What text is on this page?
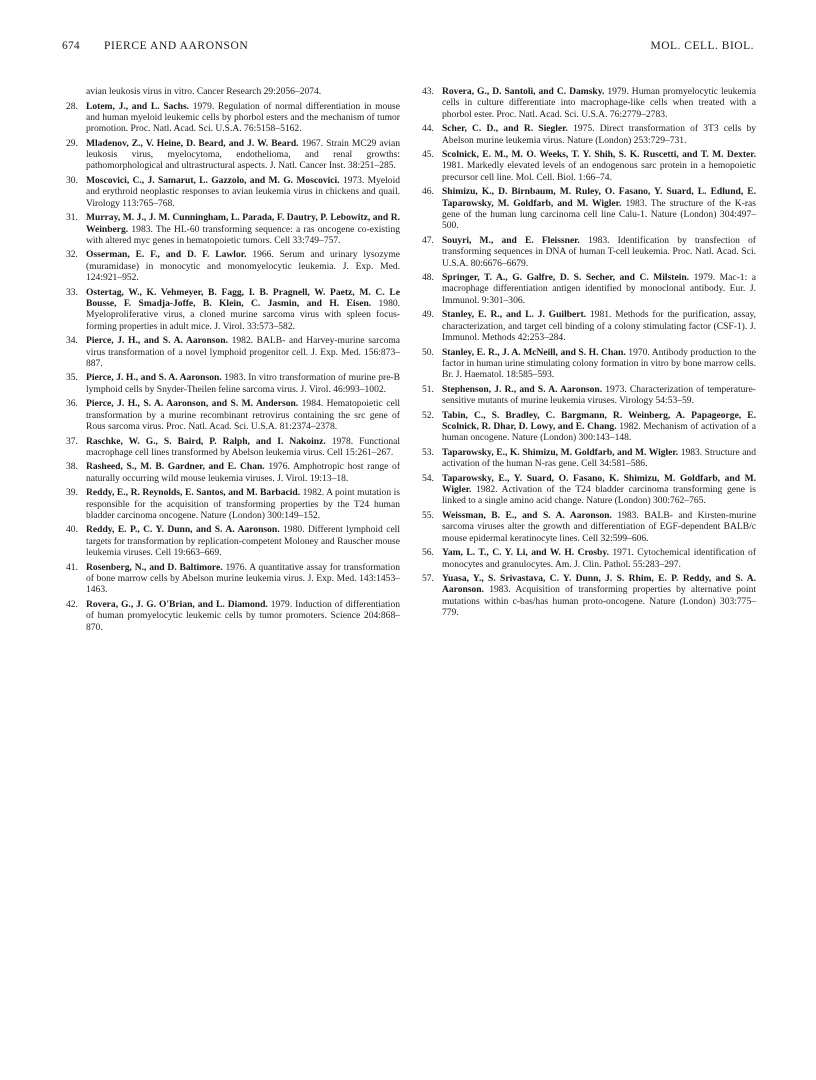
674 PIERCE AND AARONSON	MOL. CELL. BIOL.
avian leukosis virus in vitro. Cancer Research 29:2056–2074.
28. Lotem, J., and L. Sachs. 1979. Regulation of normal differentiation in mouse and human myeloid leukemic cells by phorbol esters and the mechanism of tumor promotion. Proc. Natl. Acad. Sci. U.S.A. 76:5158–5162.
29. Mladenov, Z., V. Heine, D. Beard, and J. W. Beard. 1967. Strain MC29 avian leukosis virus, myelocytoma, endothelioma, and renal growths: pathomorphological and ultrastructural aspects. J. Natl. Cancer Inst. 38:251–285.
30. Moscovici, C., J. Samarut, L. Gazzolo, and M. G. Moscovici. 1973. Myeloid and erythroid neoplastic responses to avian leukemia virus in chickens and quail. Virology 113:765–768.
31. Murray, M. J., J. M. Cunningham, L. Parada, F. Dautry, P. Lebowitz, and R. Weinberg. 1983. The HL-60 transforming sequence: a ras oncogene co-existing with altered myc genes in hematopoietic tumors. Cell 33:749–757.
32. Osserman, E. F., and D. F. Lawlor. 1966. Serum and urinary lysozyme (muramidase) in monocytic and monomyelocytic leukemia. J. Exp. Med. 124:921–952.
33. Ostertag, W., K. Vehmeyer, B. Fagg, I. B. Pragnell, W. Paetz, M. C. Le Bousse, F. Smadja-Joffe, B. Klein, C. Jasmin, and H. Eisen. 1980. Myeloproliferative virus, a cloned murine sarcoma virus with spleen focus-forming properties in adult mice. J. Virol. 33:573–582.
34. Pierce, J. H., and S. A. Aaronson. 1982. BALB- and Harvey-murine sarcoma virus transformation of a novel lymphoid progenitor cell. J. Exp. Med. 156:873–887.
35. Pierce, J. H., and S. A. Aaronson. 1983. In vitro transformation of murine pre-B lymphoid cells by Snyder-Theilen feline sarcoma virus. J. Virol. 46:993–1002.
36. Pierce, J. H., S. A. Aaronson, and S. M. Anderson. 1984. Hematopoietic cell transformation by a murine recombinant retrovirus containing the src gene of Rous sarcoma virus. Proc. Natl. Acad. Sci. U.S.A. 81:2374–2378.
37. Raschke, W. G., S. Baird, P. Ralph, and I. Nakoinz. 1978. Functional macrophage cell lines transformed by Abelson leukemia virus. Cell 15:261–267.
38. Rasheed, S., M. B. Gardner, and E. Chan. 1976. Amphotropic host range of naturally occurring wild mouse leukemia viruses. J. Virol. 19:13–18.
39. Reddy, E., R. Reynolds, E. Santos, and M. Barbacid. 1982. A point mutation is responsible for the acquisition of transforming properties by the T24 human bladder carcinoma oncogene. Nature (London) 300:149–152.
40. Reddy, E. P., C. Y. Dunn, and S. A. Aaronson. 1980. Different lymphoid cell targets for transformation by replication-competent Moloney and Rauscher mouse leukemia viruses. Cell 19:663–669.
41. Rosenberg, N., and D. Baltimore. 1976. A quantitative assay for transformation of bone marrow cells by Abelson murine leukemia virus. J. Exp. Med. 143:1453–1463.
42. Rovera, G., J. G. O'Brian, and L. Diamond. 1979. Induction of differentiation of human promyelocytic leukemic cells by tumor promoters. Science 204:868–870.
43. Rovera, G., D. Santoli, and C. Damsky. 1979. Human promyelocytic leukemia cells in culture differentiate into macrophage-like cells when treated with a phorbol ester. Proc. Natl. Acad. Sci. U.S.A. 76:2779–2783.
44. Scher, C. D., and R. Siegler. 1975. Direct transformation of 3T3 cells by Abelson murine leukemia virus. Nature (London) 253:729–731.
45. Scolnick, E. M., M. O. Weeks, T. Y. Shih, S. K. Ruscetti, and T. M. Dexter. 1981. Markedly elevated levels of an endogenous sarc protein in a hemopoietic precursor cell line. Mol. Cell. Biol. 1:66–74.
46. Shimizu, K., D. Birnbaum, M. Ruley, O. Fasano, Y. Suard, L. Edlund, E. Taparowsky, M. Goldfarb, and M. Wigler. 1983. The structure of the K-ras gene of the human lung carcinoma cell line Calu-1. Nature (London) 304:497–500.
47. Souyri, M., and E. Fleissner. 1983. Identification by transfection of transforming sequences in DNA of human T-cell leukemia. Proc. Natl. Acad. Sci. U.S.A. 80:6676–6679.
48. Springer, T. A., G. Galfre, D. S. Secher, and C. Milstein. 1979. Mac-1: a macrophage differentiation antigen identified by monoclonal antibody. Eur. J. Immunol. 9:301–306.
49. Stanley, E. R., and L. J. Guilbert. 1981. Methods for the purification, assay, characterization, and target cell binding of a colony stimulating factor (CSF-1). J. Immunol. Methods 42:253–284.
50. Stanley, E. R., J. A. McNeill, and S. H. Chan. 1970. Antibody production to the factor in human urine stimulating colony formation in vitro by bone marrow cells. Br. J. Haematol. 18:585–593.
51. Stephenson, J. R., and S. A. Aaronson. 1973. Characterization of temperature-sensitive mutants of murine leukemia viruses. Virology 54:53–59.
52. Tabin, C., S. Bradley, C. Bargmann, R. Weinberg, A. Papageorge, E. Scolnick, R. Dhar, D. Lowy, and E. Chang. 1982. Mechanism of activation of a human oncogene. Nature (London) 300:143–148.
53. Taparowsky, E., K. Shimizu, M. Goldfarb, and M. Wigler. 1983. Structure and activation of the human N-ras gene. Cell 34:581–586.
54. Taparowsky, E., Y. Suard, O. Fasano, K. Shimizu, M. Goldfarb, and M. Wigler. 1982. Activation of the T24 bladder carcinoma transforming gene is linked to a single amino acid change. Nature (London) 300:762–765.
55. Weissman, B. E., and S. A. Aaronson. 1983. BALB- and Kirsten-murine sarcoma viruses alter the growth and differentiation of EGF-dependent BALB/c mouse epidermal keratinocyte lines. Cell 32:599–606.
56. Yam, L. T., C. Y. Li, and W. H. Crosby. 1971. Cytochemical identification of monocytes and granulocytes. Am. J. Clin. Pathol. 55:283–297.
57. Yuasa, Y., S. Srivastava, C. Y. Dunn, J. S. Rhim, E. P. Reddy, and S. A. Aaronson. 1983. Acquisition of transforming properties by alternative point mutations within c-bas/has human proto-oncogene. Nature (London) 303:775–779.
